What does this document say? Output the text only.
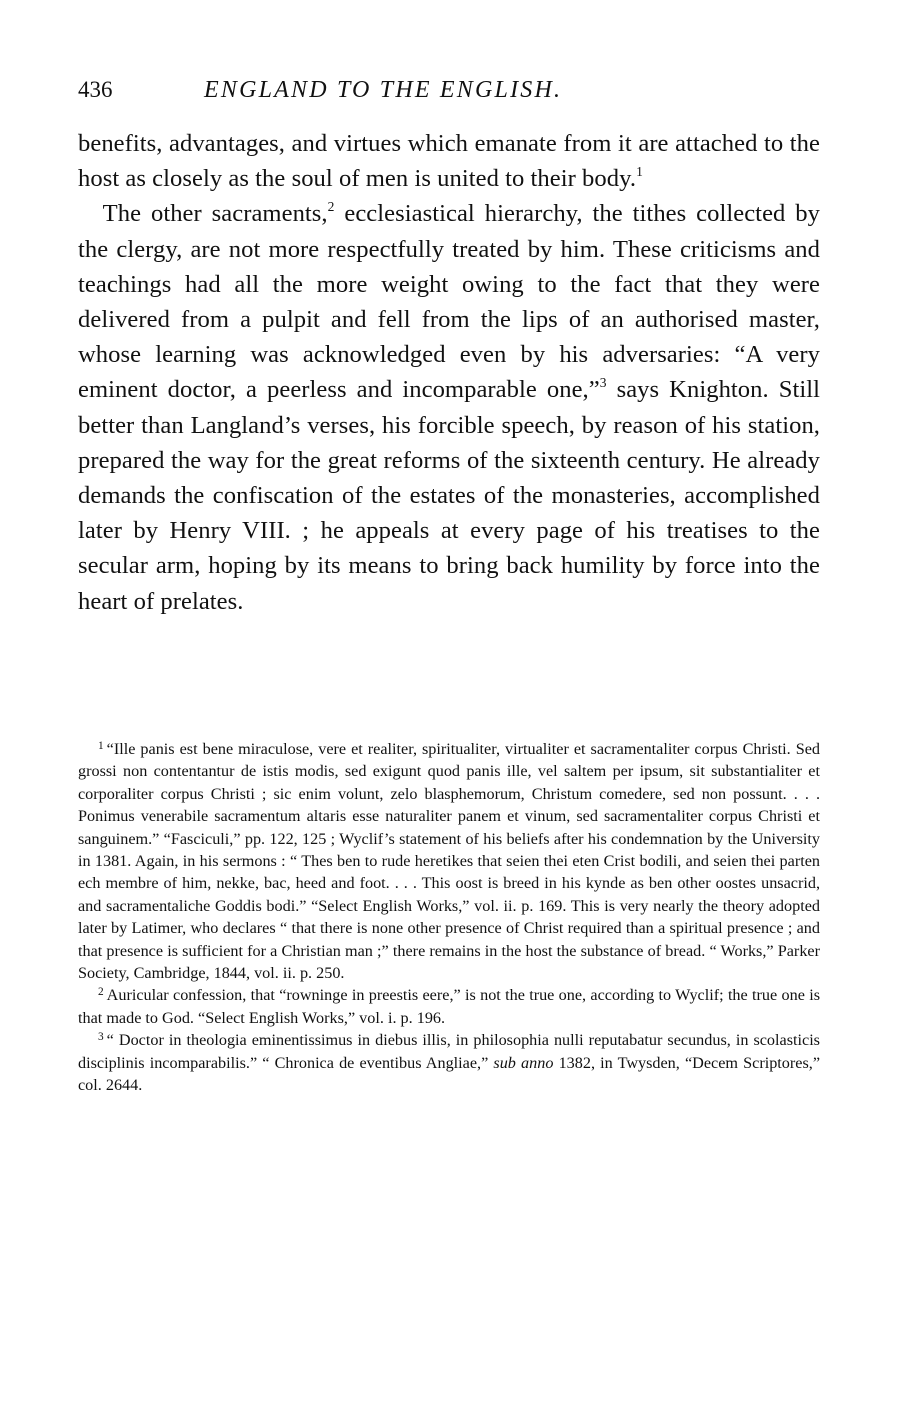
436	ENGLAND TO THE ENGLISH.

benefits, advantages, and virtues which emanate from it are attached to the host as closely as the soul of men is united to their body.$^1$

 The other sacraments,$^2$ ecclesiastical hierarchy, the tithes collected by the clergy, are not more respectfully treated by him. These criticisms and teachings had all the more weight owing to the fact that they were delivered from a pulpit and fell from the lips of an authorised master, whose learning was acknowledged even by his adversaries: “A very eminent doctor, a peerless and incomparable one,”$^3$ says Knighton. Still better than Langland’s verses, his forcible speech, by reason of his station, prepared the way for the great reforms of the sixteenth century. He already demands the confiscation of the estates of the monasteries, accomplished later by Henry VIII. ; he appeals at every page of his treatises to the secular arm, hoping by its means to bring back humility by force into the heart of prelates.

$^1$ “Ille panis est bene miraculose, vere et realiter, spiritualiter, virtualiter et sacramentaliter corpus Christi. Sed grossi non contentantur de istis modis, sed exigunt quod panis ille, vel saltem per ipsum, sit substantialiter et corporaliter corpus Christi ; sic enim volunt, zelo blasphemorum, Christum comedere, sed non possunt. . . . Ponimus venerabile sacramentum altaris esse naturaliter panem et vinum, sed sacramentaliter corpus Christi et sanguinem.” “Fasciculi,” pp. 122, 125 ; Wyclif’s statement of his beliefs after his condemnation by the University in 1381. Again, in his sermons : “ Thes ben to rude heretikes that seien thei eten Crist bodili, and seien thei parten ech membre of him, nekke, bac, heed and foot. . . . This oost is breed in his kynde as ben other oostes unsacrid, and sacramentaliche Goddis bodi.” “Select English Works,” vol. ii. p. 169. This is very nearly the theory adopted later by Latimer, who declares “ that there is none other presence of Christ required than a spiritual presence ; and that presence is sufficient for a Christian man ;” there remains in the host the substance of bread. “ Works,” Parker Society, Cambridge, 1844, vol. ii. p. 250.

$^2$ Auricular confession, that “rowninge in preestis eere,” is not the true one, according to Wyclif; the true one is that made to God. “Select English Works,” vol. i. p. 196.

$^3$ “ Doctor in theologia eminentissimus in diebus illis, in philosophia nulli reputabatur secundus, in scolasticis disciplinis incomparabilis.” “ Chronica de eventibus Angliae,” sub anno 1382, in Twysden, “Decem Scriptores,” col. 2644.
